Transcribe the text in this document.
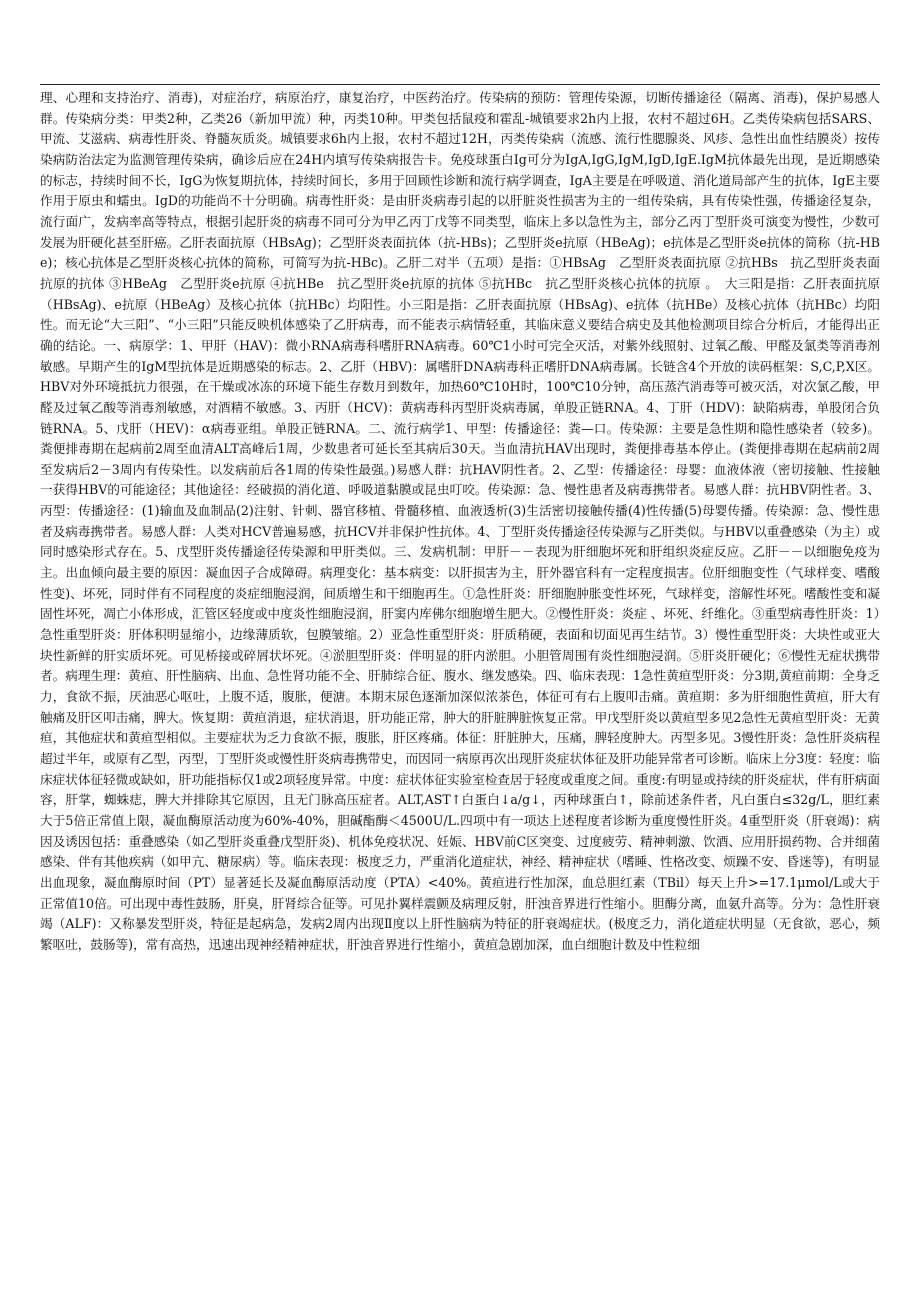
理、心理和支持治疗、消毒)，对症治疗，病原治疗，康复治疗，中医药治疗。传染病的预防：管理传染源，切断传播途径（隔离、消毒)，保护易感人群。传染病分类：甲类2种，乙类26（新加甲流）种，丙类10种。甲类包括鼠疫和霍乱-城镇要求2h内上报，农村不超过6H。乙类传染病包括SARS、甲流、艾滋病、病毒性肝炎、脊髓灰质炎。城镇要求6h内上报，农村不超过12H，丙类传染病（流感、流行性腮腺炎、风疹、急性出血性结膜炎）按传染病防治法定为监测管理传染病，确诊后应在24H内填写传染病报告卡。免疫球蛋白Ig可分为IgA,IgG,IgM,IgD,IgE.IgM抗体最先出现，是近期感染的标志，持续时间不长，IgG为恢复期抗体，持续时间长，多用于回顾性诊断和流行病学调查，IgA主要是在呼吸道、消化道局部产生的抗体，IgE主要作用于原虫和蠕虫。IgD的功能尚不十分明确。病毒性肝炎：是由肝炎病毒引起的以肝脏炎性损害为主的一组传染病，具有传染性强，传播途径复杂，流行面广，发病率高等特点，根据引起肝炎的病毒不同可分为甲乙丙丁戊等不同类型，临床上多以急性为主，部分乙丙丁型肝炎可演变为慢性，少数可发展为肝硬化甚至肝癌。乙肝表面抗原（HBsAg)；乙型肝炎表面抗体（抗-HBs)；乙型肝炎e抗原（HBeAg)；e抗体是乙型肝炎e抗体的简称（抗-HBe)；核心抗体是乙型肝炎核心抗体的简称，可简写为抗-HBc)。乙肝二对半（五项）是指：①HBsAg　乙型肝炎表面抗原 ②抗HBs　抗乙型肝炎表面抗原的抗体 ③HBeAg　乙型肝炎e抗原 ④抗HBe　抗乙型肝炎e抗原的抗体 ⑤抗HBc　抗乙型肝炎核心抗体的抗原 。　大三阳是指：乙肝表面抗原（HBsAg)、e抗原（HBeAg）及核心抗体（抗HBc）均阳性。小三阳是指：乙肝表面抗原（HBsAg)、e抗体（抗HBe）及核心抗体（抗HBc）均阳性。而无论“大三阳”、“小三阳”只能反映机体感染了乙肝病毒，而不能表示病情轻重，其临床意义要结合病史及其他检测项目综合分析后，才能得出正确的结论。一、病原学：1、甲肝（HAV)：微小RNA病毒科嗜肝RNA病毒。60℃1小时可完全灭活，对紫外线照射、过氧乙酸、甲醛及氯类等消毒剂敏感。早期产生的IgM型抗体是近期感染的标志。2、乙肝（HBV)：属嗜肝DNA病毒科正嗜肝DNA病毒属。长链含4个开放的读码框架：S,C,P,X区。HBV对外环境抵抗力很强，在干燥或冰冻的环境下能生存数月到数年，加热60℃10H时，100℃10分钟，高压蒸汽消毒等可被灭活，对次氯乙酸，甲醛及过氧乙酸等消毒剂敏感，对酒精不敏感。3、丙肝（HCV)：黄病毒科丙型肝炎病毒属，单股正链RNA。4、丁肝（HDV)：缺陷病毒，单股闭合负链RNA。5、戊肝（HEV)：α病毒亚组。单股正链RNA。二、流行病学1、甲型：传播途径：粪—口。传染源：主要是急性期和隐性感染者（较多)。粪便排毒期在起病前2周至血清ALT高峰后1周，少数患者可延长至其病后30天。当血清抗HAV出现时，粪便排毒基本停止。(粪便排毒期在起病前2周至发病后2－3周内有传染性。以发病前后各1周的传染性最强。)易感人群：抗HAV阴性者。2、乙型：传播途径：母婴：血液体液（密切接触、性接触一获得HBV的可能途径；其他途径：经破损的消化道、呼吸道黏膜或昆虫叮咬。传染源：急、慢性患者及病毒携带者。易感人群：抗HBV阴性者。3、丙型：传播途径：(1)输血及血制品(2)注射、针刺、器官移植、骨髓移植、血液透析(3)生活密切接触传播(4)性传播(5)母婴传播。传染源：急、慢性患者及病毒携带者。易感人群：人类对HCV普遍易感，抗HCV并非保护性抗体。4、丁型肝炎传播途径传染源与乙肝类似。与HBV以重叠感染（为主）或同时感染形式存在。5、戊型肝炎传播途径传染源和甲肝类似。三、发病机制：甲肝－－表现为肝细胞坏死和肝组织炎症反应。乙肝－－以细胞免疫为主。出血倾向最主要的原因：凝血因子合成障碍。病理变化：基本病变：以肝损害为主，肝外器官科有一定程度损害。位肝细胞变性（气球样变、嗜酸性变)、坏死，同时伴有不同程度的炎症细胞浸润，间质增生和干细胞再生。①急性肝炎：肝细胞肿胀变性坏死，气球样变，溶解性坏死。嗜酸性变和凝固性坏死，凋亡小体形成，汇管区轻度或中度炎性细胞浸润，肝窦内库佛尔细胞增生肥大。②慢性肝炎：炎症 、坏死、纤维化。③重型病毒性肝炎：1）急性重型肝炎：肝体积明显缩小，边缘薄质软，包膜皱缩。2）亚急性重型肝炎：肝质稍硬，表面和切面见再生结节。3）慢性重型肝炎：大块性或亚大块性新鲜的肝实质坏死。可见桥接或碎屑状坏死。④淤胆型肝炎：伴明显的肝内淤胆。小胆管周围有炎性细胞浸润。⑤肝炎肝硬化；⑥慢性无症状携带者。病理生理：黄疸、肝性脑病、出血、急性肾功能不全、肝肺综合征、腹水、继发感染。四、临床表现：1急性黄疸型肝炎：分3期,黄疸前期：全身乏力，食欲不振，厌油恶心呕吐，上腹不适，腹胀，便溏。本期末尿色逐渐加深似浓茶色，体征可有右上腹叩击痛。黄疸期：多为肝细胞性黄疸，肝大有触痛及肝区叩击痛，脾大。恢复期：黄疸消退，症状消退，肝功能正常，肿大的肝脏脾脏恢复正常。甲戊型肝炎以黄疸型多见2急性无黄疸型肝炎：无黄疸，其他症状和黄疸型相似。主要症状为乏力食欲不振，腹胀，肝区疼痛。体征：肝脏肿大，压痛，脾轻度肿大。丙型多见。3慢性肝炎：急性肝炎病程超过半年，或原有乙型，丙型，丁型肝炎或慢性肝炎病毒携带史，而因同一病原再次出现肝炎症状体征及肝功能异常者可诊断。临床上分3度：轻度：临床症状体征轻微或缺如，肝功能指标仅1或2项轻度异常。中度：症状体征实验室检查居于轻度或重度之间。重度:有明显或持续的肝炎症状，伴有肝病面容，肝掌，蜘蛛痣，脾大并排除其它原因，且无门脉高压症者。ALT,AST↑白蛋白↓a/g↓，丙种球蛋白↑，除前述条件者，凡白蛋白≤32g/L，胆红素大于5倍正常值上限，凝血酶原活动度为60%-40%，胆碱酯酶＜4500U/L.四项中有一项达上述程度者诊断为重度慢性肝炎。4重型肝炎（肝衰竭)：病因及诱因包括：重叠感染（如乙型肝炎重叠戊型肝炎)、机体免疫状况、妊娠、HBV前C区突变、过度疲劳、精神刺激、饮酒、应用肝损药物、合并细菌感染、伴有其他疾病（如甲亢、糖尿病）等。临床表现：极度乏力，严重消化道症状，神经、精神症状（嗜睡、性格改变、烦躁不安、昏迷等)，有明显出血现象，凝血酶原时间（PT）显著延长及凝血酶原活动度（PTA）<40%。黄疸进行性加深，血总胆红素（TBil）每天上升>=17.1μmol/L或大于正常值10倍。可出现中毒性鼓肠，肝臭，肝肾综合征等。可见扑翼样震颤及病理反射，肝浊音界进行性缩小。胆酶分离，血氨升高等。分为：急性肝衰竭（ALF)：又称暴发型肝炎，特征是起病急，发病2周内出现Ⅱ度以上肝性脑病为特征的肝衰竭症状。(极度乏力，消化道症状明显（无食欲，恶心，频繁呕吐，鼓肠等)，常有高热，迅速出现神经精神症状，肝浊音界进行性缩小，黄疸急剧加深，血白细胞计数及中性粒细
